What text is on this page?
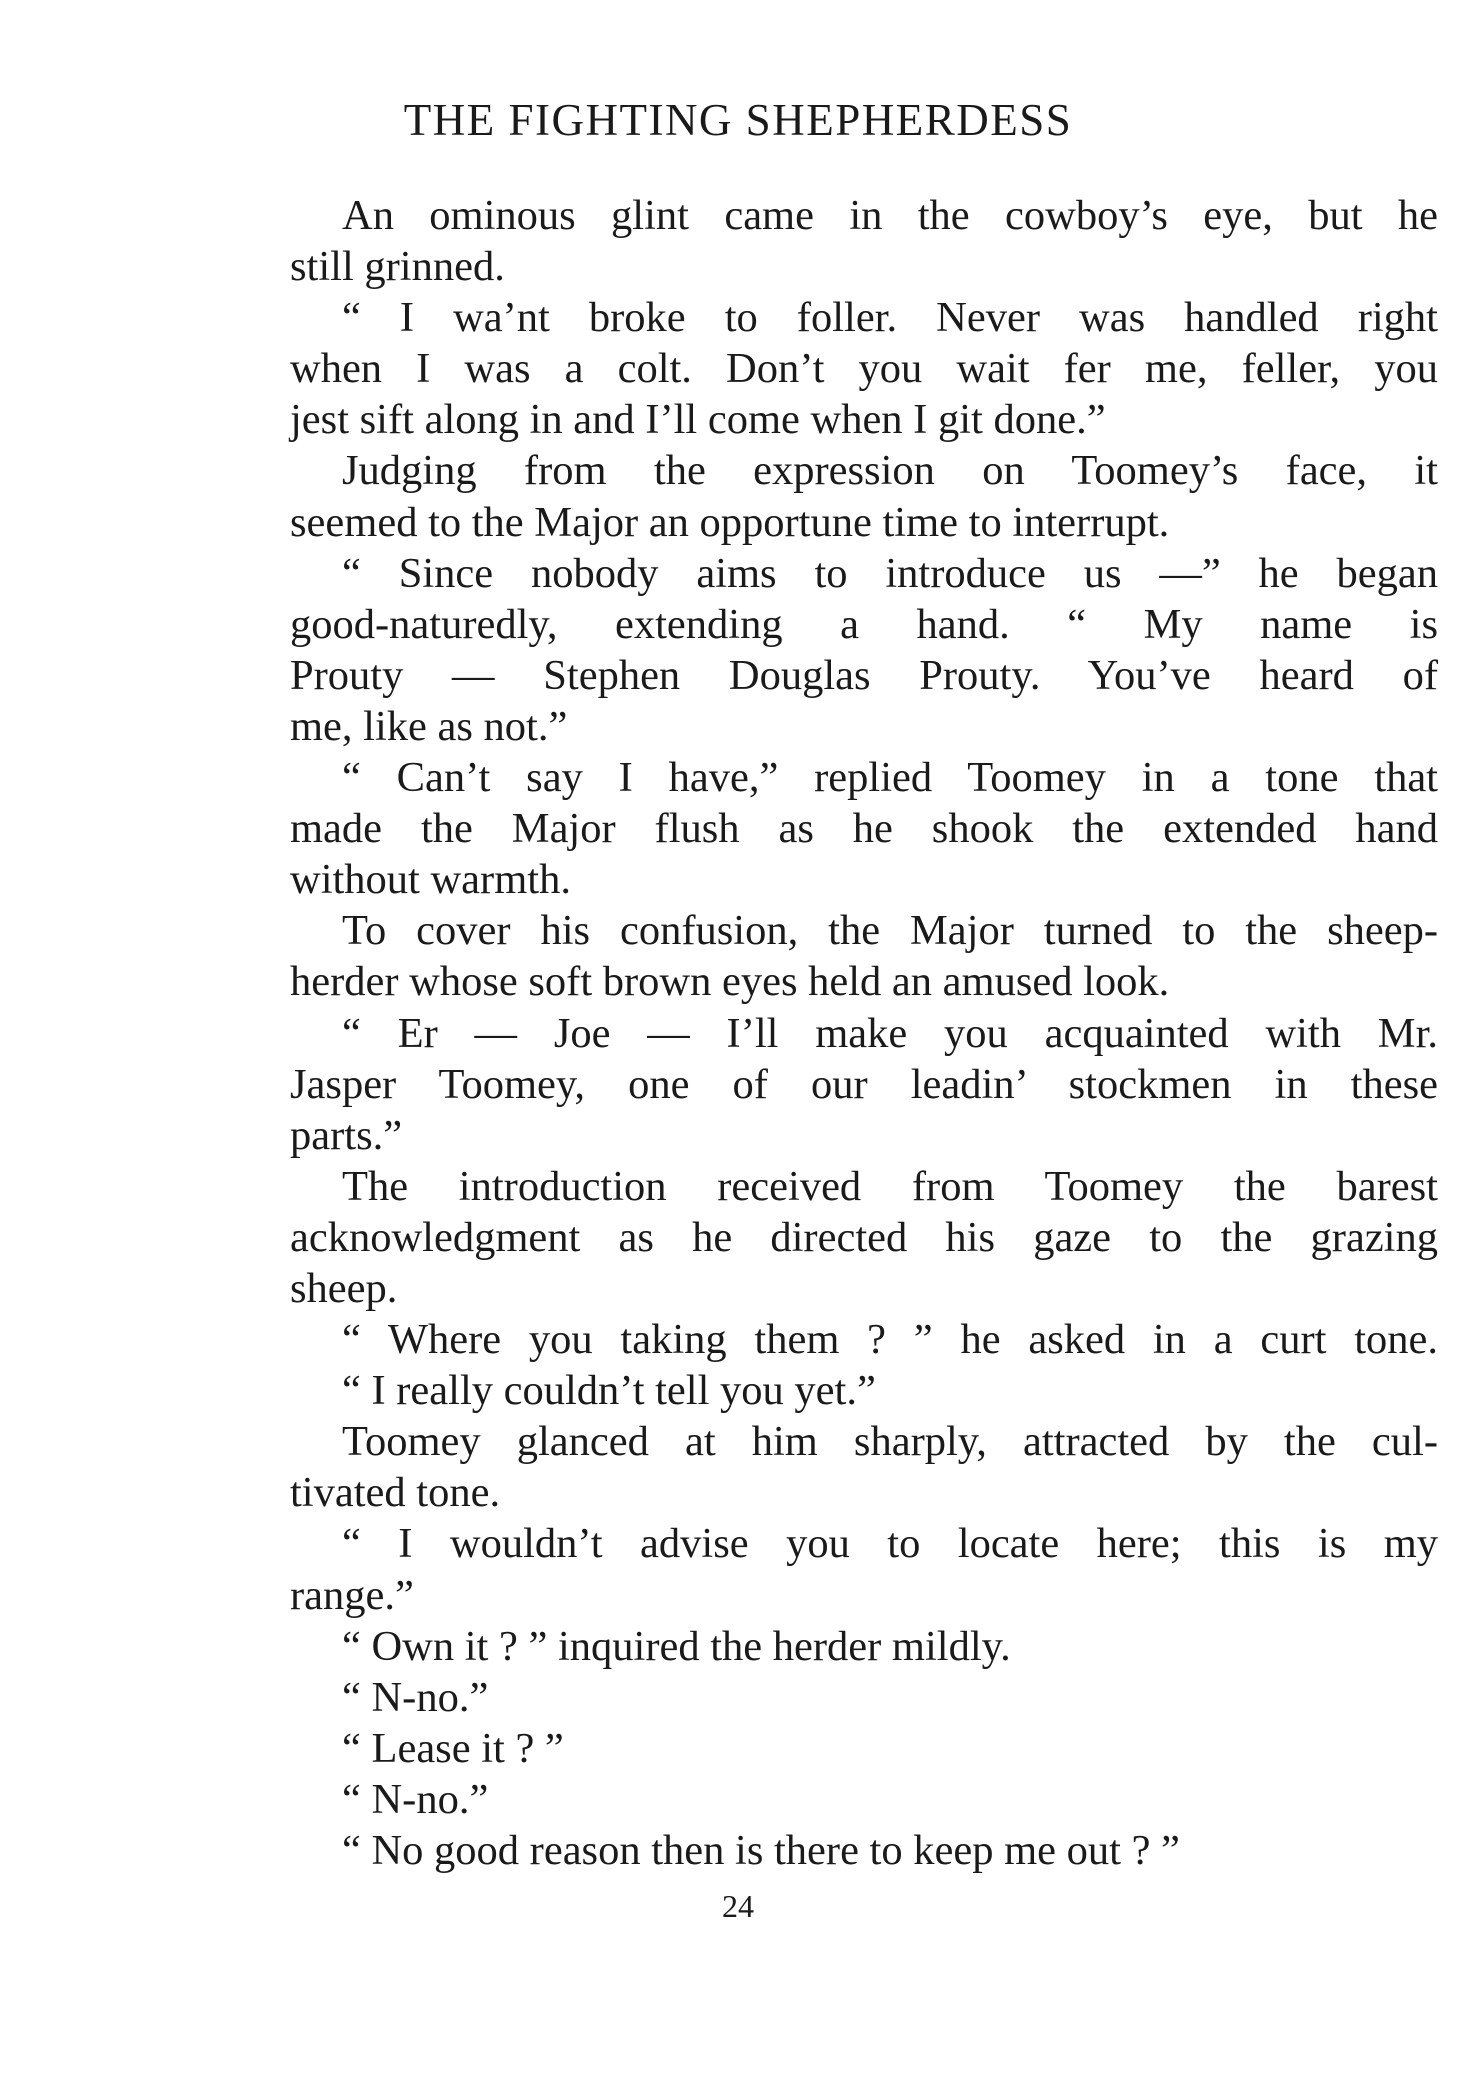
THE FIGHTING SHEPHERDESS
An ominous glint came in the cowboy’s eye, but he
still grinned.
“ I wa’nt broke to foller. Never was handled right
when I was a colt. Don’t you wait fer me, feller, you
jest sift along in and I’ll come when I git done.”
Judging from the expression on Toomey’s face, it
seemed to the Major an opportune time to interrupt.
“ Since nobody aims to introduce us —” he began
good-naturedly, extending a hand. “ My name is
Prouty — Stephen Douglas Prouty. You’ve heard of
me, like as not.”
“ Can’t say I have,” replied Toomey in a tone that
made the Major flush as he shook the extended hand
without warmth.
To cover his confusion, the Major turned to the sheep-
herder whose soft brown eyes held an amused look.
“ Er — Joe — I’ll make you acquainted with Mr.
Jasper Toomey, one of our leadin’ stockmen in these
parts.”
The introduction received from Toomey the barest
acknowledgment as he directed his gaze to the grazing
sheep.
“ Where you taking them ? ” he asked in a curt tone.
“ I really couldn’t tell you yet.”
Toomey glanced at him sharply, attracted by the cul-
tivated tone.
“ I wouldn’t advise you to locate here; this is my
range.”
“ Own it ? ” inquired the herder mildly.
“ N-no.”
“ Lease it ? ”
“ N-no.”
“ No good reason then is there to keep me out ? ”
24
